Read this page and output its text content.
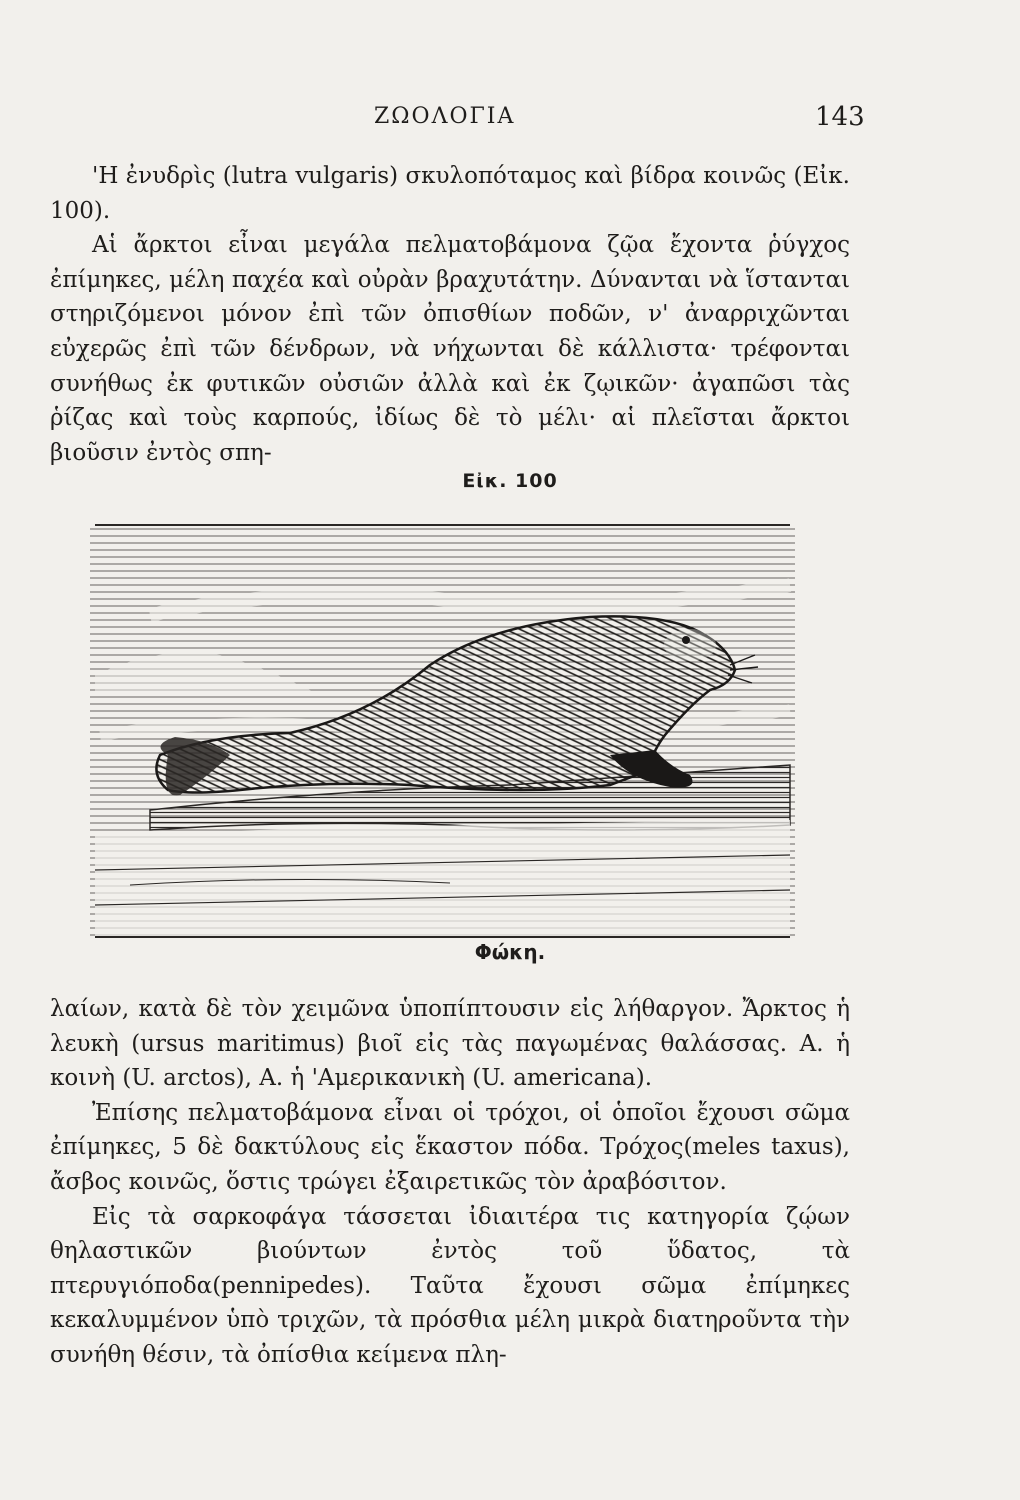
ΖΩΟΛΟΓΙΑ	143

'Η ἐνυδρὶς (lutra vulgaris) σκυλοπόταμος καὶ βίδρα κοινῶς (Εἰκ. 100).

Αἱ ἄρκτοι εἶναι μεγάλα πελματοβάμονα ζῷα ἔχοντα ῥύγχος ἐπίμηκες, μέλη παχέα καὶ οὐρὰν βραχυτάτην. Δύνανται νὰ ἵστανται στηριζόμενοι μόνον ἐπὶ τῶν ὀπισθίων ποδῶν, ν' ἀναρριχῶνται εὐχερῶς ἐπὶ τῶν δένδρων, νὰ νήχωνται δὲ κάλλιστα· τρέφονται συνήθως ἐκ φυτικῶν οὐσιῶν ἀλλὰ καὶ ἐκ ζῳικῶν· ἀγαπῶσι τὰς ῥίζας καὶ τοὺς καρπούς, ἰδίως δὲ τὸ μέλι· αἱ πλεῖσται ἄρκτοι βιοῦσιν ἐντὸς σπη-

Εἰκ. 100
Φώκη.

λαίων, κατὰ δὲ τὸν χειμῶνα ὑποπίπτουσιν εἰς λήθαργον. Ἄρκτος ἡ λευκὴ (ursus maritimus) βιοῖ εἰς τὰς παγωμένας θαλάσσας. Α. ἡ κοινὴ (U. arctos), Α. ἡ 'Αμερικανικὴ (U. americana).

Ἐπίσης πελματοβάμονα εἶναι οἱ τρόχοι, οἱ ὁποῖοι ἔχουσι σῶμα ἐπίμηκες, 5 δὲ δακτύλους εἰς ἕκαστον πόδα. Τρόχος(meles taxus), ἄσβος κοινῶς, ὅστις τρώγει ἐξαιρετικῶς τὸν ἀραβόσιτον.

Εἰς τὰ σαρκοφάγα τάσσεται ἰδιαιτέρα τις κατηγορία ζῴων θηλαστικῶν βιούντων ἐντὸς τοῦ ὕδατος, τὰ πτερυγιόποδα(pennipedes). Ταῦτα ἔχουσι σῶμα ἐπίμηκες κεκαλυμμένον ὑπὸ τριχῶν, τὰ πρόσθια μέλη μικρὰ διατηροῦντα τὴν συνήθη θέσιν, τὰ ὀπίσθια κείμενα πλη-
